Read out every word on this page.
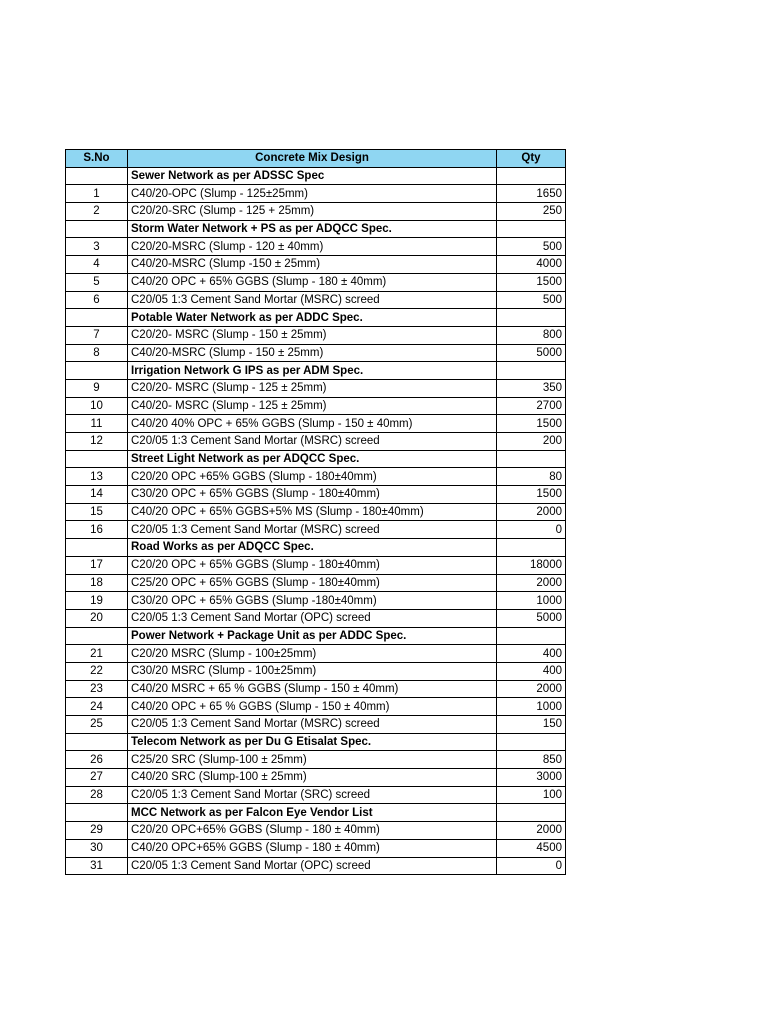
S.No	Concrete Mix Design	Qty
	Sewer Network as per ADSSC Spec	
1	C40/20-OPC (Slump - 125±25mm)	1650
2	C20/20-SRC (Slump - 125 + 25mm)	250
	Storm Water Network + PS as per ADQCC Spec.	
3	C20/20-MSRC (Slump - 120 ± 40mm)	500
4	C40/20-MSRC (Slump -150 ± 25mm)	4000
5	C40/20 OPC + 65% GGBS (Slump - 180 ± 40mm)	1500
6	C20/05 1:3 Cement Sand Mortar (MSRC) screed	500
	Potable Water Network as per ADDC Spec.	
7	C20/20- MSRC (Slump - 150 ± 25mm)	800
8	C40/20-MSRC (Slump - 150 ± 25mm)	5000
	Irrigation Network G IPS as per ADM Spec.	
9	C20/20- MSRC (Slump - 125 ± 25mm)	350
10	C40/20- MSRC (Slump - 125 ± 25mm)	2700
11	C40/20 40% OPC + 65% GGBS (Slump - 150 ± 40mm)	1500
12	C20/05 1:3 Cement Sand Mortar (MSRC) screed	200
	Street Light Network as per ADQCC Spec.	
13	C20/20 OPC +65% GGBS (Slump - 180±40mm)	80
14	C30/20 OPC + 65% GGBS (Slump - 180±40mm)	1500
15	C40/20 OPC + 65% GGBS+5% MS (Slump - 180±40mm)	2000
16	C20/05 1:3 Cement Sand Mortar (MSRC) screed	0
	Road Works as per ADQCC Spec.	
17	C20/20 OPC + 65% GGBS (Slump - 180±40mm)	18000
18	C25/20 OPC + 65% GGBS (Slump - 180±40mm)	2000
19	C30/20 OPC + 65% GGBS (Slump -180±40mm)	1000
20	C20/05 1:3 Cement Sand Mortar (OPC) screed	5000
	Power Network + Package Unit as per ADDC Spec.	
21	C20/20 MSRC (Slump - 100±25mm)	400
22	C30/20 MSRC (Slump - 100±25mm)	400
23	C40/20 MSRC + 65 % GGBS (Slump - 150 ± 40mm)	2000
24	C40/20 OPC + 65 % GGBS (Slump - 150 ± 40mm)	1000
25	C20/05 1:3 Cement Sand Mortar (MSRC) screed	150
	Telecom Network as per Du G Etisalat Spec.	
26	C25/20 SRC (Slump-100 ± 25mm)	850
27	C40/20 SRC (Slump-100 ± 25mm)	3000
28	C20/05 1:3 Cement Sand Mortar (SRC) screed	100
	MCC Network as per Falcon Eye Vendor List	
29	C20/20 OPC+65% GGBS (Slump - 180 ± 40mm)	2000
30	C40/20 OPC+65% GGBS (Slump - 180 ± 40mm)	4500
31	C20/05 1:3 Cement Sand Mortar (OPC) screed	0
